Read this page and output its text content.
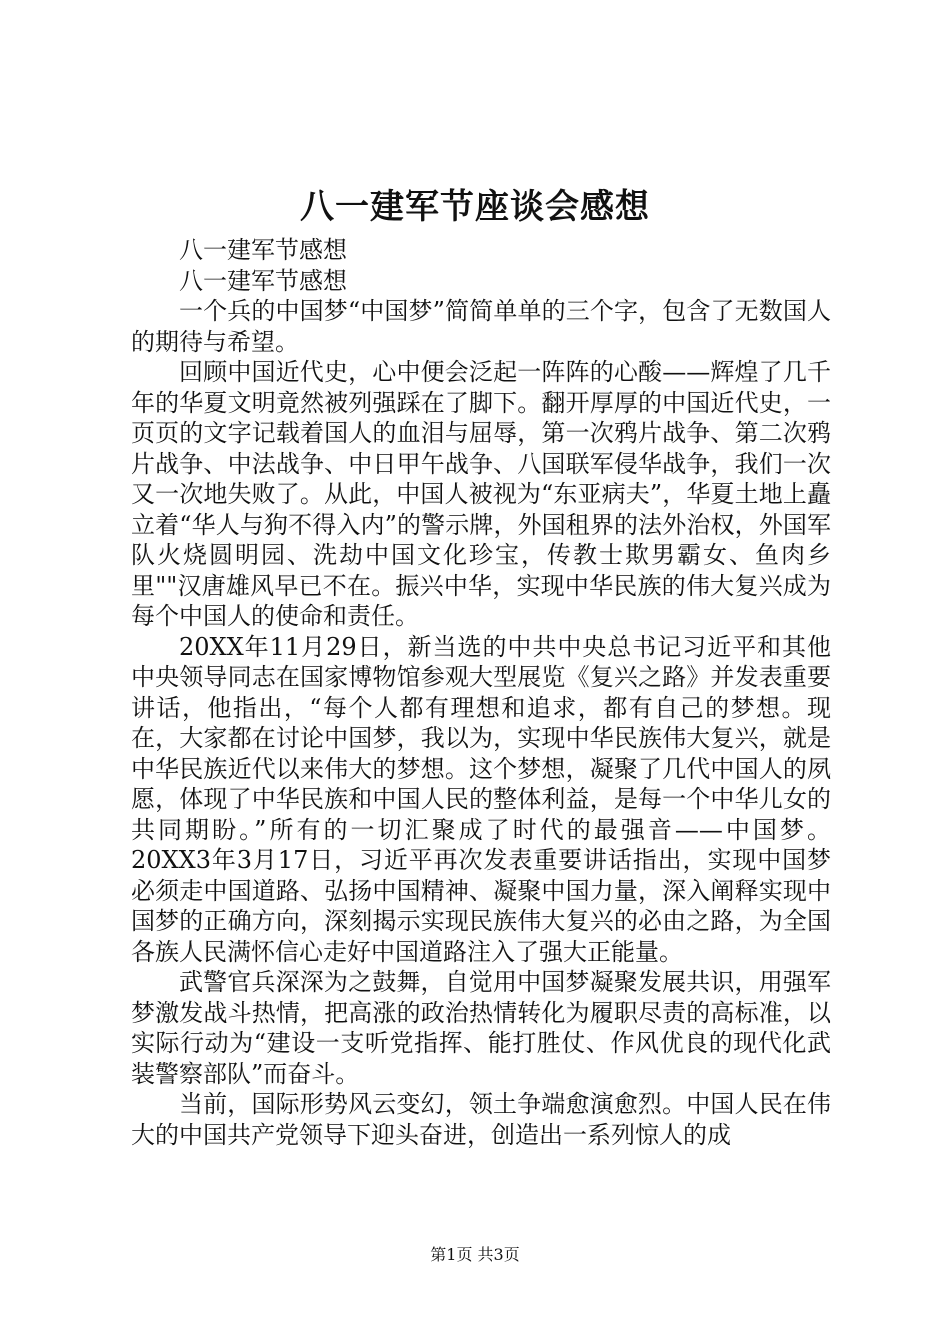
八一建军节座谈会感想

八一建军节感想

八一建军节感想

一个兵的中国梦“中国梦”简简单单的三个字，包含了无数国人的期待与希望。

回顾中国近代史，心中便会泛起一阵阵的心酸——辉煌了几千年的华夏文明竟然被列强踩在了脚下。翻开厚厚的中国近代史，一页页的文字记载着国人的血泪与屈辱，第一次鸦片战争、第二次鸦片战争、中法战争、中日甲午战争、八国联军侵华战争，我们一次又一次地失败了。从此，中国人被视为“东亚病夫”，华夏土地上矗立着“华人与狗不得入内”的警示牌，外国租界的法外治权，外国军队火烧圆明园、洗劫中国文化珍宝，传教士欺男霸女、鱼肉乡里""汉唐雄风早已不在。振兴中华，实现中华民族的伟大复兴成为每个中国人的使命和责任。

20XX年11月29日，新当选的中共中央总书记习近平和其他中央领导同志在国家博物馆参观大型展览《复兴之路》并发表重要讲话，他指出，“每个人都有理想和追求，都有自己的梦想。现在，大家都在讨论中国梦，我以为，实现中华民族伟大复兴，就是中华民族近代以来伟大的梦想。这个梦想，凝聚了几代中国人的夙愿，体现了中华民族和中国人民的整体利益，是每一个中华儿女的共同期盼。”所有的一切汇聚成了时代的最强音——中国梦。20XX3年3月17日，习近平再次发表重要讲话指出，实现中国梦必须走中国道路、弘扬中国精神、凝聚中国力量，深入阐释实现中国梦的正确方向，深刻揭示实现民族伟大复兴的必由之路，为全国各族人民满怀信心走好中国道路注入了强大正能量。

武警官兵深深为之鼓舞，自觉用中国梦凝聚发展共识，用强军梦激发战斗热情，把高涨的政治热情转化为履职尽责的高标准，以实际行动为“建设一支听党指挥、能打胜仗、作风优良的现代化武装警察部队”而奋斗。

当前，国际形势风云变幻，领土争端愈演愈烈。中国人民在伟大的中国共产党领导下迎头奋进，创造出一系列惊人的成

第1页 共3页
